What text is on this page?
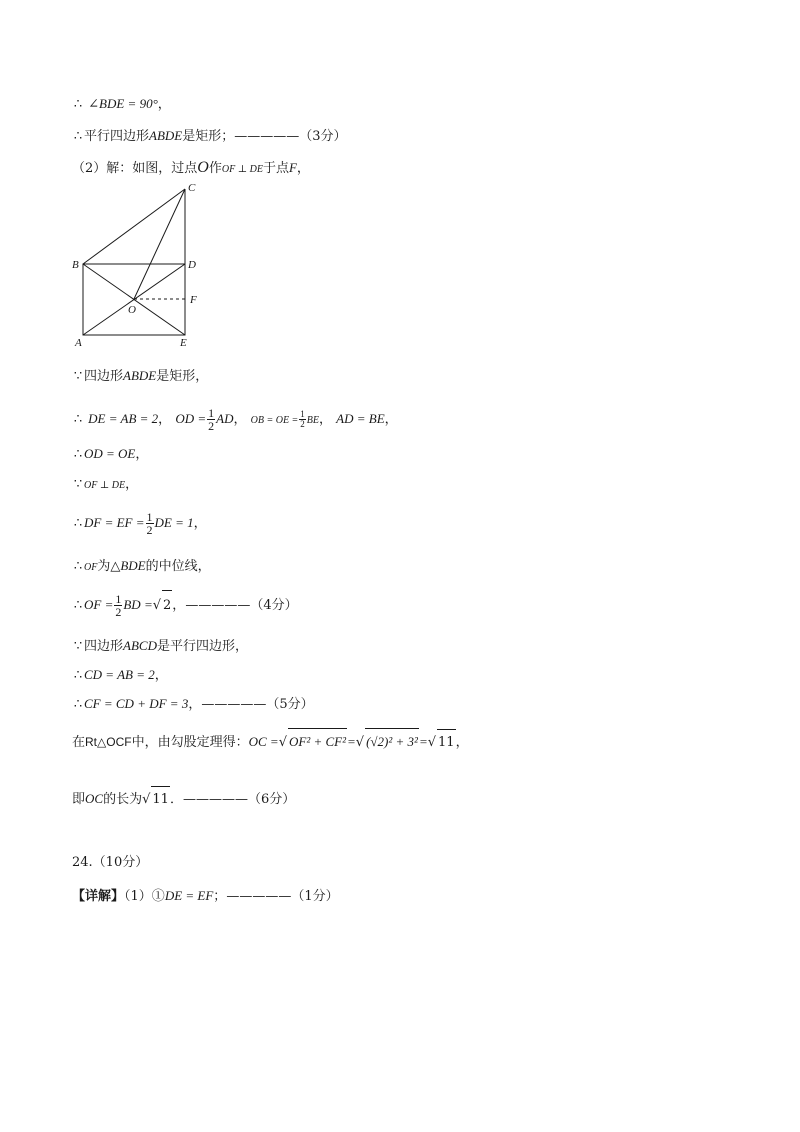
∴ ∠BDE = 90°，
∴ 平行四边形ABDE是矩形；—————（3分）
（2）解：如图，过点O作OF ⊥ DE于点F，
C
B	D
F
O
A	E
∵ 四边形ABDE是矩形，
∴ DE = AB = 2， OD = $\frac{1}{2}$ AD， OB = OE = $\frac{1}{2}$ BE， AD = BE，
∴ OD = OE，
∵ OF ⊥ DE，
∴ DF = EF = $\frac{1}{2}$ DE = 1，
∴ OF为△BDE的中位线，
∴ OF = $\frac{1}{2}$ BD =√ 2，—————（4分）
∵ 四边形ABCD是平行四边形，
∴ CD = AB = 2，
∴ CF = CD + DF = 3，—————（5分）
在Rt△OCF中，由勾股定理得：OC =√ OF² + CF²=√ (√2)² + 3²=√ 11，
即OC的长为√ 11．—————（6分）
24.（10分）
【详解】（1）①DE = EF；—————（1分）
